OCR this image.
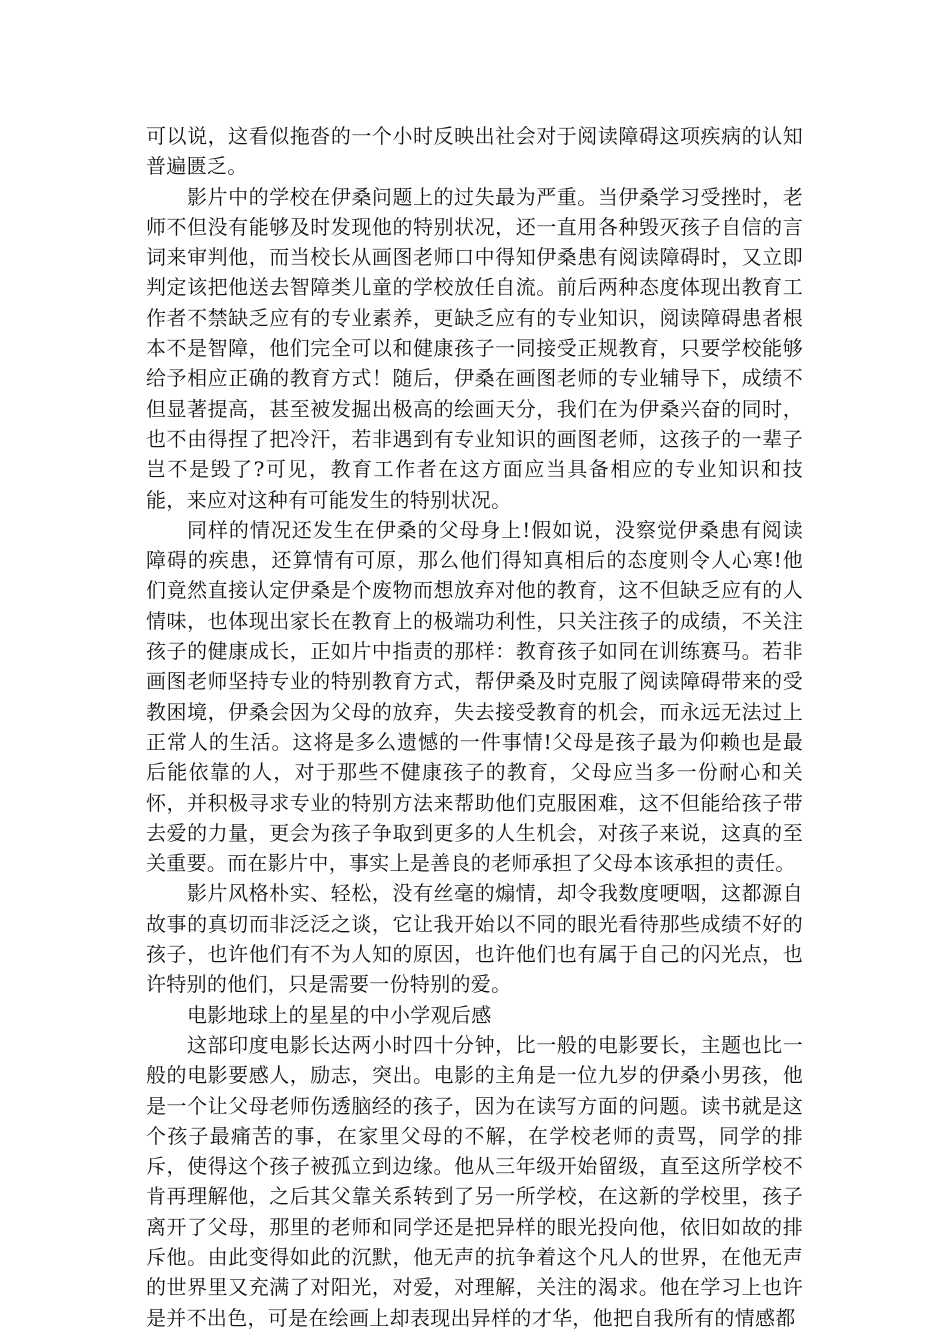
可以说，这看似拖沓的一个小时反映出社会对于阅读障碍这项疾病的认知普遍匮乏。

影片中的学校在伊桑问题上的过失最为严重。当伊桑学习受挫时，老师不但没有能够及时发现他的特别状况，还一直用各种毁灭孩子自信的言词来审判他，而当校长从画图老师口中得知伊桑患有阅读障碍时，又立即判定该把他送去智障类儿童的学校放任自流。前后两种态度体现出教育工作者不禁缺乏应有的专业素养，更缺乏应有的专业知识，阅读障碍患者根本不是智障，他们完全可以和健康孩子一同接受正规教育，只要学校能够给予相应正确的教育方式！随后，伊桑在画图老师的专业辅导下，成绩不但显著提高，甚至被发掘出极高的绘画天分，我们在为伊桑兴奋的同时，也不由得捏了把冷汗，若非遇到有专业知识的画图老师，这孩子的一辈子岂不是毁了?可见，教育工作者在这方面应当具备相应的专业知识和技能，来应对这种有可能发生的特别状况。

同样的情况还发生在伊桑的父母身上!假如说，没察觉伊桑患有阅读障碍的疾患，还算情有可原，那么他们得知真相后的态度则令人心寒!他们竟然直接认定伊桑是个废物而想放弃对他的教育，这不但缺乏应有的人情味，也体现出家长在教育上的极端功利性，只关注孩子的成绩，不关注孩子的健康成长，正如片中指责的那样：教育孩子如同在训练赛马。若非画图老师坚持专业的特别教育方式，帮伊桑及时克服了阅读障碍带来的受教困境，伊桑会因为父母的放弃，失去接受教育的机会，而永远无法过上正常人的生活。这将是多么遗憾的一件事情!父母是孩子最为仰赖也是最后能依靠的人，对于那些不健康孩子的教育，父母应当多一份耐心和关怀，并积极寻求专业的特别方法来帮助他们克服困难，这不但能给孩子带去爱的力量，更会为孩子争取到更多的人生机会，对孩子来说，这真的至关重要。而在影片中，事实上是善良的老师承担了父母本该承担的责任。

影片风格朴实、轻松，没有丝毫的煽情，却令我数度哽咽，这都源自故事的真切而非泛泛之谈，它让我开始以不同的眼光看待那些成绩不好的孩子，也许他们有不为人知的原因，也许他们也有属于自己的闪光点，也许特别的他们，只是需要一份特别的爱。

电影地球上的星星的中小学观后感

这部印度电影长达两小时四十分钟，比一般的电影要长，主题也比一般的电影要感人，励志，突出。电影的主角是一位九岁的伊桑小男孩，他是一个让父母老师伤透脑经的孩子，因为在读写方面的问题。读书就是这个孩子最痛苦的事，在家里父母的不解，在学校老师的责骂，同学的排斥，使得这个孩子被孤立到边缘。他从三年级开始留级，直至这所学校不肯再理解他，之后其父靠关系转到了另一所学校，在这新的学校里，孩子离开了父母，那里的老师和同学还是把异样的眼光投向他，依旧如故的排斥他。由此变得如此的沉默，他无声的抗争着这个凡人的世界，在他无声的世界里又充满了对阳光，对爱，对理解，关注的渴求。他在学习上也许是并不出色，可是在绘画上却表现出异样的才华，他把自我所有的情感都
